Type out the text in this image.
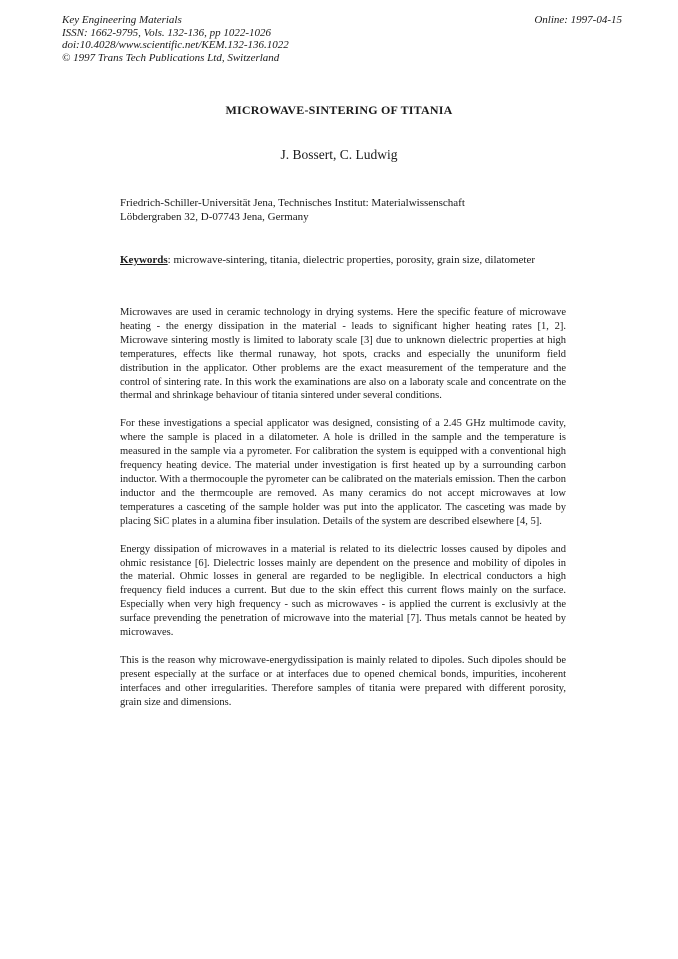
Key Engineering Materials
ISSN: 1662-9795, Vols. 132-136, pp 1022-1026
doi:10.4028/www.scientific.net/KEM.132-136.1022
© 1997 Trans Tech Publications Ltd, Switzerland
Online: 1997-04-15
MICROWAVE-SINTERING OF TITANIA
J. Bossert, C. Ludwig
Friedrich-Schiller-Universität Jena, Technisches Institut: Materialwissenschaft
Löbdergraben 32, D-07743 Jena, Germany
Keywords: microwave-sintering, titania, dielectric properties, porosity, grain size, dilatometer

Microwaves are used in ceramic technology in drying systems. Here the specific feature of microwave heating - the energy dissipation in the material - leads to significant higher heating rates [1, 2]. Microwave sintering mostly is limited to laboraty scale [3] due to unknown dielectric properties at high temperatures, effects like thermal runaway, hot spots, cracks and especially the ununiform field distribution in the applicator. Other problems are the exact measurement of the temperature and the control of sintering rate. In this work the examinations are also on a laboraty scale and concentrate on the thermal and shrinkage behaviour of titania sintered under several conditions.

For these investigations a special applicator was designed, consisting of a 2.45 GHz multimode cavity, where the sample is placed in a dilatometer. A hole is drilled in the sample and the temperature is measured in the sample via a pyrometer. For calibration the system is equipped with a conventional high frequency heating device. The material under investigation is first heated up by a surrounding carbon inductor. With a thermocouple the pyrometer can be calibrated on the materials emission. Then the carbon inductor and the thermcouple are removed. As many ceramics do not accept microwaves at low temperatures a casceting of the sample holder was put into the applicator. The casceting was made by placing SiC plates in a alumina fiber insulation. Details of the system are described elsewhere [4, 5].

Energy dissipation of microwaves in a material is related to its dielectric losses caused by dipoles and ohmic resistance [6]. Dielectric losses mainly are dependent on the presence and mobility of dipoles in the material. Ohmic losses in general are regarded to be negligible. In electrical conductors a high frequency field induces a current. But due to the skin effect this current flows mainly on the surface. Especially when very high frequency - such as microwaves - is applied the current is exclusivly at the surface prevending the penetration of microwave into the material [7]. Thus metals cannot be heated by microwaves.

This is the reason why microwave-energydissipation is mainly related to dipoles. Such dipoles should be present especially at the surface or at interfaces due to opened chemical bonds, impurities, incoherent interfaces and other irregularities. Therefore samples of titania were prepared with different porosity, grain size and dimensions.
